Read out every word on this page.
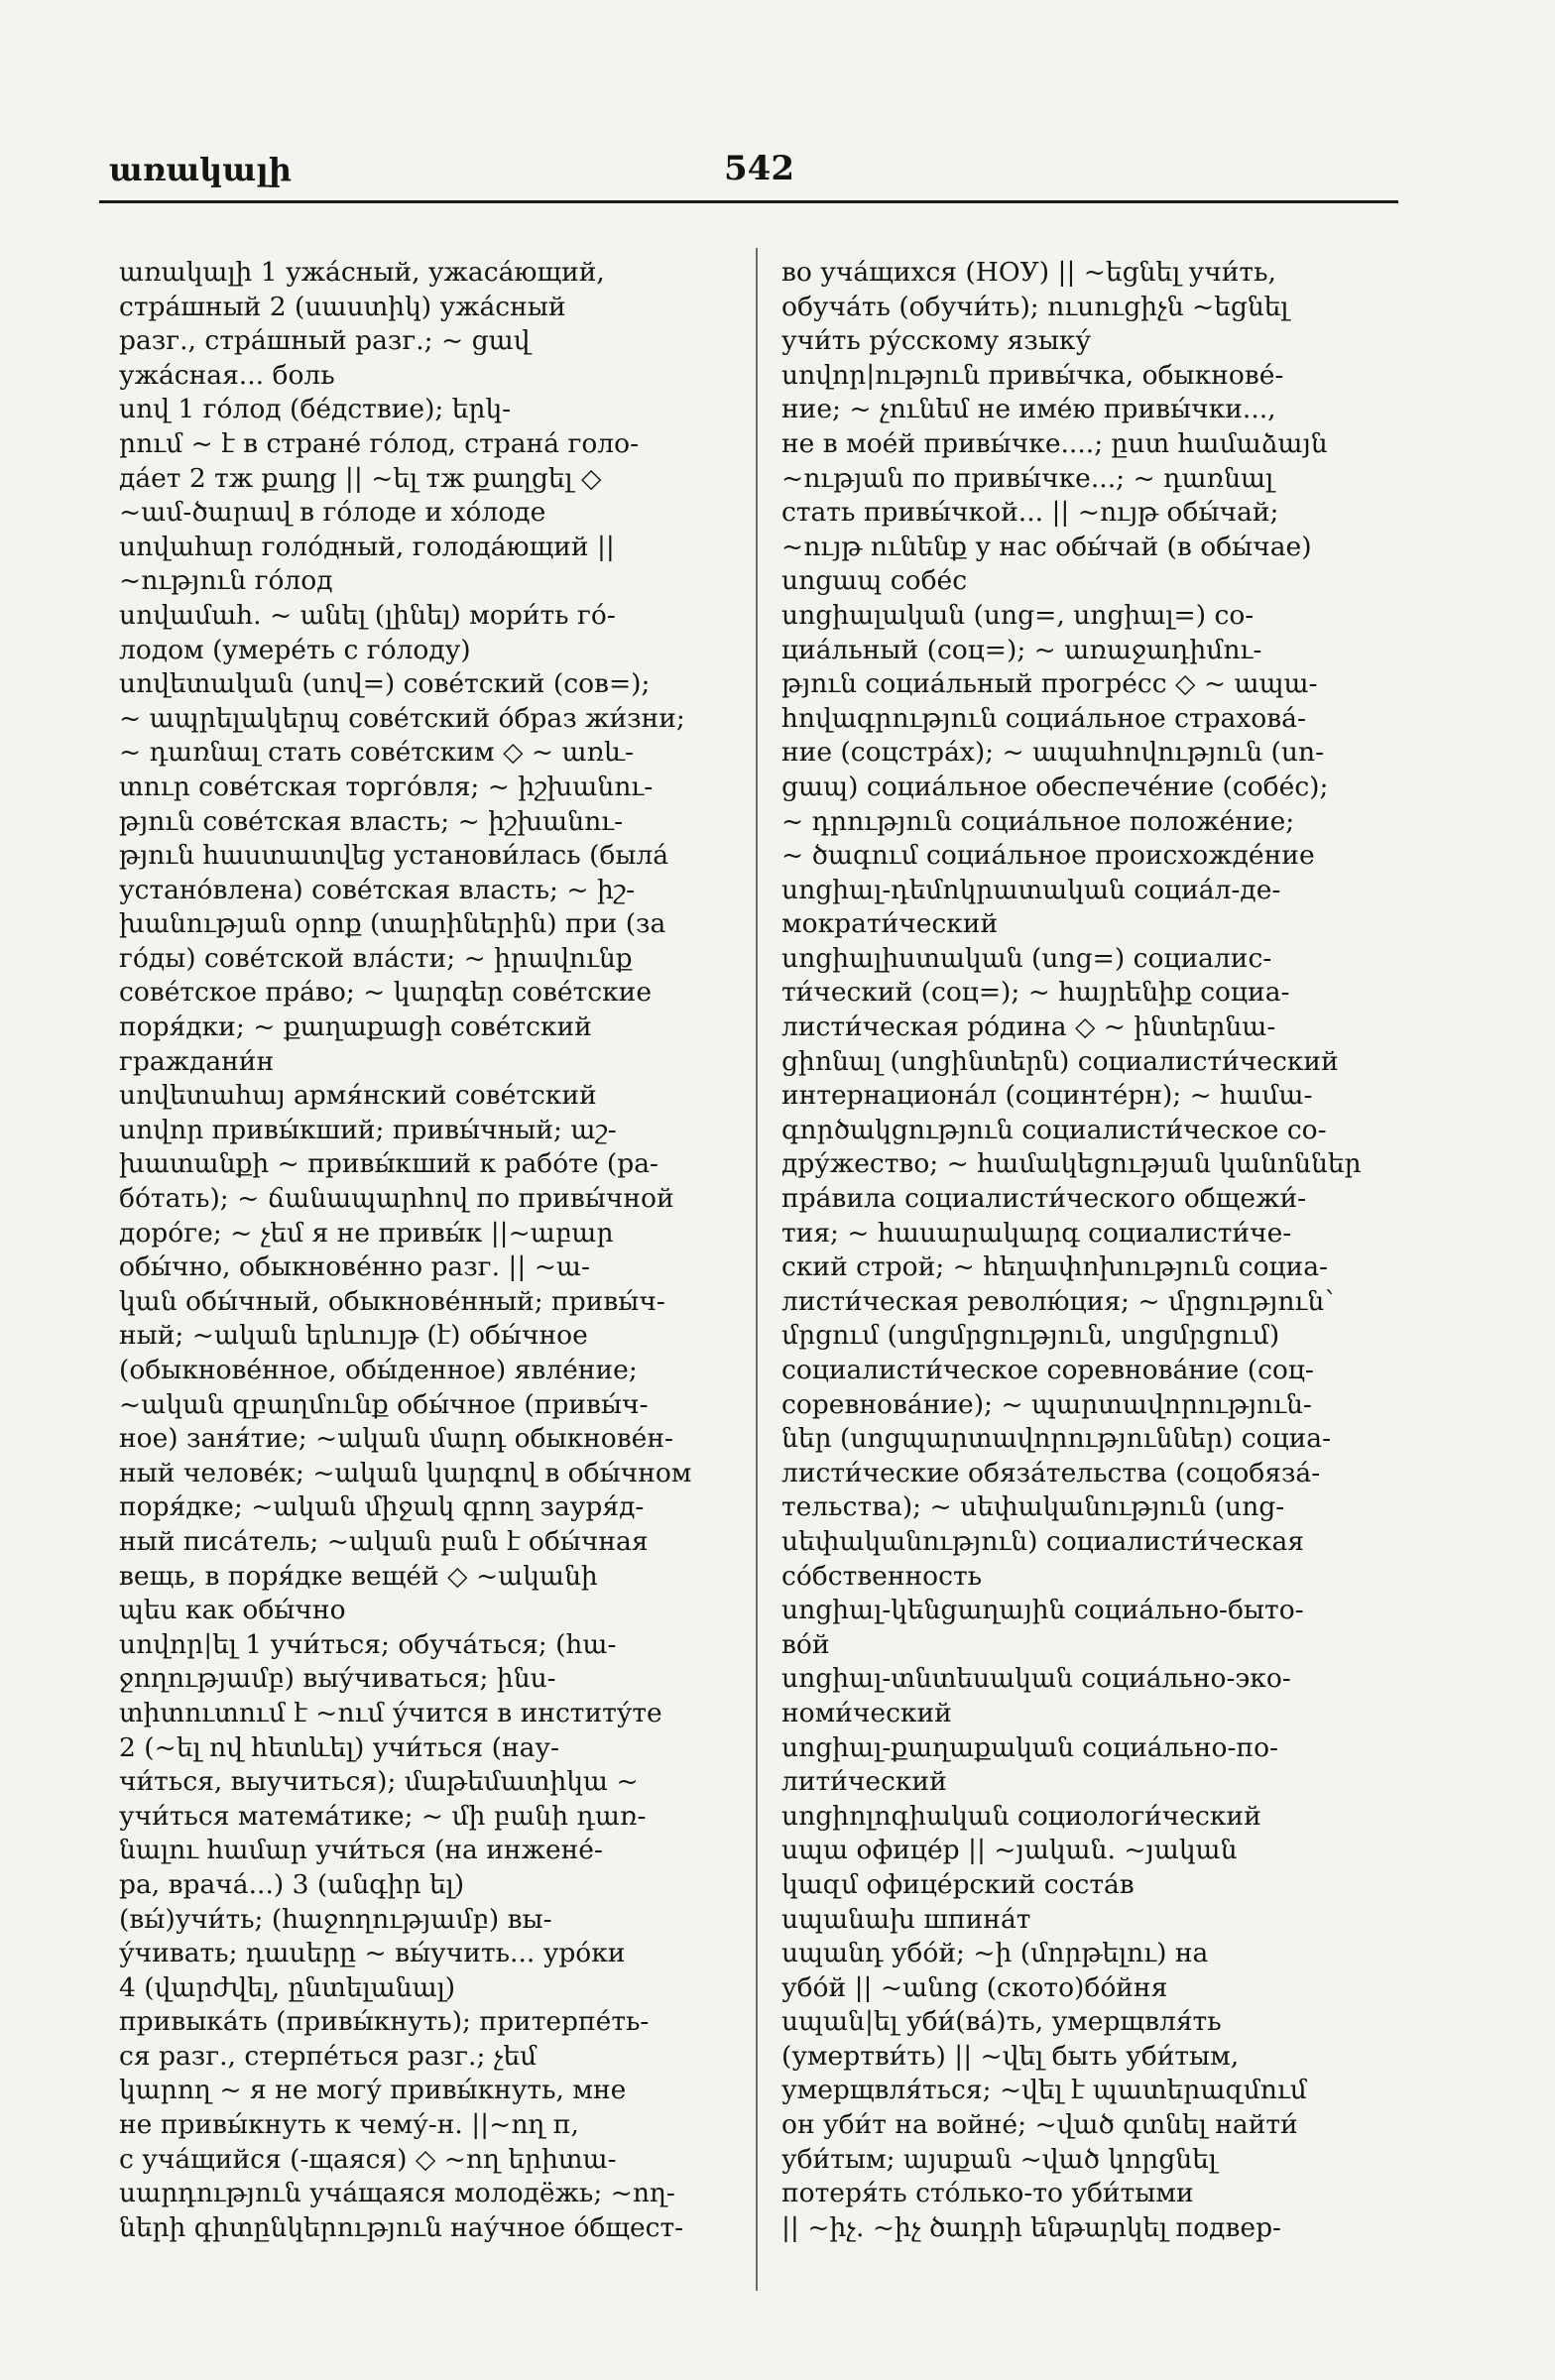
առակալի	542
առակալի 1 ужа́сный, ужаса́ющий,
стра́шный 2 (սաստիկ) ужа́сный
разг., стра́шный разг.; ~ ցավ
ужа́сная... боль
սով 1 го́лод (бе́дствие); երկ-
րում ~ է в стране́ го́лод, страна́ голо-
да́ет 2 тж քաղց || ~ել тж քաղցել ◇
~ամ-ծարավ в го́лоде и хо́лоде
սովահար голо́дный, голода́ющий ||
~ություն го́лод
սովամահ. ~ անել (լինել) мори́ть го́-
лодом (умере́ть с го́лоду)
սովետական (սով=) сове́тский (сов=);
~ ապրելակերպ сове́тский о́браз жи́зни;
~ դառնալ стать сове́тским ◇ ~ առև-
տուր сове́тская торго́вля; ~ իշխանու-
թյուն сове́тская власть; ~ իշխանու-
թյուն հաստատվեց установи́лась (была́
устано́влена) сове́тская власть; ~ իշ-
խանության օրոք (տարիներին) при (за
го́ды) сове́тской вла́сти; ~ իրավունք
сове́тское пра́во; ~ կարգեր сове́тские
поря́дки; ~ քաղաքացի сове́тский
граждани́н
սովետահայ армя́нский сове́тский
սովոր привы́кший; привы́чный; աշ-
խատանքի ~ привы́кший к рабо́те (ра-
бо́тать); ~ ճանապարհով по привы́чной
доро́ге; ~ չեմ я не привы́к ||~աբար
обы́чно, обыкнове́нно разг. || ~ա-
կան обы́чный, обыкнове́нный; привы́ч-
ный; ~ական երևույթ (է) обы́чное
(обыкнове́нное, обы́денное) явле́ние;
~ական զբաղմունք обы́чное (привы́ч-
ное) заня́тие; ~ական մարդ обыкнове́н-
ный челове́к; ~ական կարգով в обы́чном
поря́дке; ~ական միջակ գրող зауря́д-
ный писа́тель; ~ական բան է обы́чная
вещь, в поря́дке веще́й ◇ ~ականի
պես как обы́чно
սովոր|ել 1 учи́ться; обуча́ться; (հա-
ջողությամբ) выу́чиваться; ինս-
տիտուտում է ~ում у́чится в институ́те
2 (~ել ով հետևել) учи́ться (нау-
чи́ться, выучиться); մաթեմատիկա ~
учи́ться матема́тике; ~ մի բանի դառ-
նալու համար учи́ться (на инжене́-
ра, врача́...) 3 (անգիր ել)
(вы́)учи́ть; (հաջողությամբ) вы-
у́чивать; դասերը ~ вы́учить... уро́ки
4 (վարժվել, ընտելանալ)
привыка́ть (привы́кнуть); притерпе́ть-
ся разг., стерпе́ться разг.; չեմ
կարող ~ я не могу́ привы́кнуть, мне
не привы́кнуть к чему́-н. ||~ող п,
с уча́щийся (-щаяся) ◇ ~ող երիտա-
սարդություն уча́щаяся молодёжь; ~ող-
ների գիտընկերություն нау́чное о́бщест-
во уча́щихся (НОУ) || ~եցնել учи́ть,
обуча́ть (обучи́ть); ուսուցիչն ~եցնել
учи́ть ру́сскому языку́
սովոր|ություն привы́чка, обыкнове́-
ние; ~ չունեմ не име́ю привы́чки...,
не в мое́й привы́чке....; ըստ համաձայն
~ության по привы́чке...; ~ դառնալ
стать привы́чкой... || ~ույթ обы́чай;
~ույթ ունենք у нас обы́чай (в обы́чае)
սոցապ собе́с
սոցիալական (սոց=, սոցիալ=) со-
циа́льный (соц=); ~ առաջադիմու-
թյուն социа́льный прогре́сс ◇ ~ ապա-
հովագրություն социа́льное страхова́-
ние (соцстра́х); ~ ապահովություն (սո-
ցապ) социа́льное обеспече́ние (собе́с);
~ դրություն социа́льное положе́ние;
~ ծագում социа́льное происхожде́ние
սոցիալ-դեմոկրատական социа́л-де-
мократи́ческий
սոցիալիստական (սոց=) социалис-
ти́ческий (соц=); ~ հայրենիք социа-
листи́ческая ро́дина ◇ ~ ինտերնա-
ցիոնալ (սոցինտերն) социалисти́ческий
интернациона́л (социнте́рн); ~ համա-
գործակցություն социалисти́ческое со-
дру́жество; ~ համակեցության կանոններ
пра́вила социалисти́ческого общежи́-
тия; ~ հասարակարգ социалисти́че-
ский строй; ~ հեղափոխություն социа-
листи́ческая револю́ция; ~ մրցություն՝
մրցում (սոցմրցություն, սոցմրցում)
социалисти́ческое соревнова́ние (соц-
соревнова́ние); ~ պարտավորություն-
ներ (սոցպարտավորություններ) социа-
листи́ческие обяза́тельства (соцобяза́-
тельства); ~ սեփականություն (սոց-
սեփականություն) социалисти́ческая
со́бственность
սոցիալ-կենցաղային социа́льно-быто-
во́й
սոցիալ-տնտեսական социа́льно-эко-
номи́ческий
սոցիալ-քաղաքական социа́льно-по-
лити́ческий
սոցիոլոգիական социологи́ческий
սպա офице́р || ~յական. ~յական
կազմ офице́рский соста́в
սպանախ шпина́т
սպանդ убо́й; ~ի (մորթելու) на
убо́й || ~անոց (ското)бо́йня
սպան|ել уби́(ва́)ть, умерщвля́ть
(умертви́ть) || ~վել быть уби́тым,
умерщвля́ться; ~վել է պատերազմում
он уби́т на войне́; ~ված գտնել найти́
уби́тым; այսքան ~ված կորցնել
потеря́ть сто́лько-то уби́тыми
|| ~իչ. ~իչ ծադրի ենթարկել подвер-
